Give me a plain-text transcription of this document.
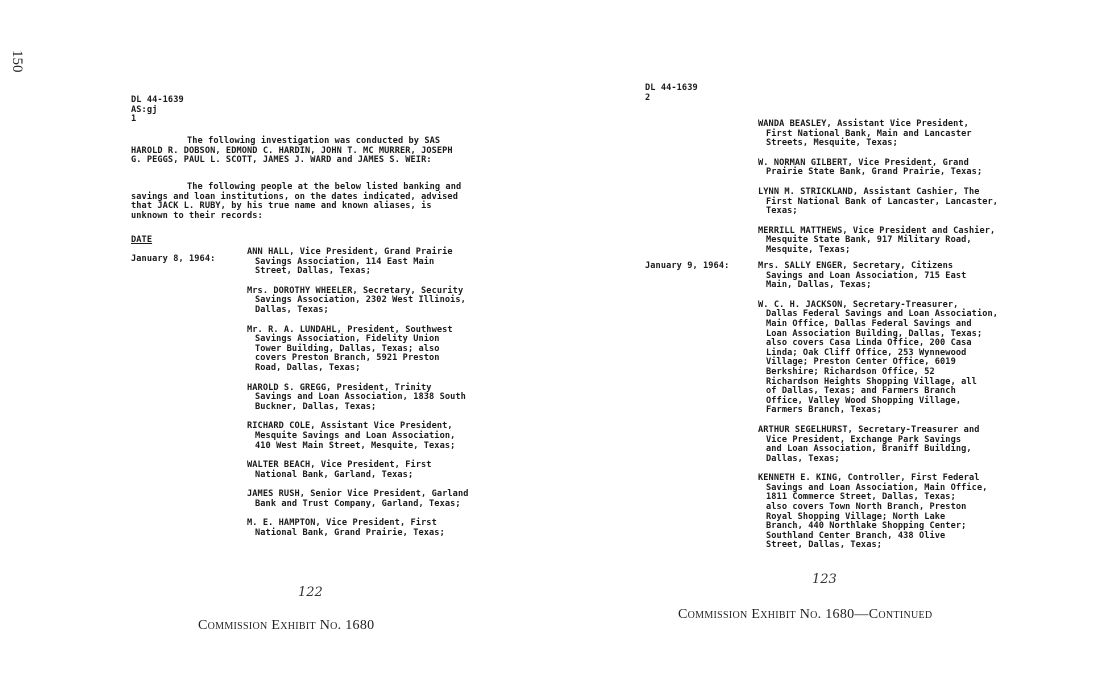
150
DL 44-1639
AS:gj
1

The following investigation was conducted by SAS HAROLD R. DOBSON, EDMOND C. HARDIN, JOHN T. MC MURRER, JOSEPH G. PEGGS, PAUL L. SCOTT, JAMES J. WARD and JAMES S. WEIR:

The following people at the below listed banking and savings and loan institutions, on the dates indicated, advised that JACK L. RUBY, by his true name and known aliases, is unknown to their records:

DATE
January 8, 1964:
ANN HALL, Vice President, Grand Prairie
Savings Association, 114 East Main
Street, Dallas, Texas;
Mrs. DOROTHY WHEELER, Secretary, Security
Savings Association, 2302 West Illinois,
Dallas, Texas;
Mr. R. A. LUNDAHL, President, Southwest
Savings Association, Fidelity Union
Tower Building, Dallas, Texas; also
covers Preston Branch, 5921 Preston
Road, Dallas, Texas;
HAROLD S. GREGG, President, Trinity
Savings and Loan Association, 1838 South
Buckner, Dallas, Texas;
RICHARD COLE, Assistant Vice President,
Mesquite Savings and Loan Association,
410 West Main Street, Mesquite, Texas;
WALTER BEACH, Vice President, First
National Bank, Garland, Texas;
JAMES RUSH, Senior Vice President, Garland
Bank and Trust Company, Garland, Texas;
M. E. HAMPTON, Vice President, First
National Bank, Grand Prairie, Texas;
122
Commission Exhibit No. 1680
DL 44-1639
2
WANDA BEASLEY, Assistant Vice President,
First National Bank, Main and Lancaster
Streets, Mesquite, Texas;
W. NORMAN GILBERT, Vice President, Grand
Prairie State Bank, Grand Prairie, Texas;
LYNN M. STRICKLAND, Assistant Cashier, The
First National Bank of Lancaster, Lancaster,
Texas;
MERRILL MATTHEWS, Vice President and Cashier,
Mesquite State Bank, 917 Military Road,
Mesquite, Texas;
January 9, 1964:	Mrs. SALLY ENGER, Secretary, Citizens
Savings and Loan Association, 715 East
Main, Dallas, Texas;
W. C. H. JACKSON, Secretary-Treasurer,
Dallas Federal Savings and Loan Association,
Main Office, Dallas Federal Savings and
Loan Association Building, Dallas, Texas;
also covers Casa Linda Office, 200 Casa
Linda; Oak Cliff Office, 253 Wynnewood
Village; Preston Center Office, 6019
Berkshire; Richardson Office, 52
Richardson Heights Shopping Village, all
of Dallas, Texas; and Farmers Branch
Office, Valley Wood Shopping Village,
Farmers Branch, Texas;
ARTHUR SEGELHURST, Secretary-Treasurer and
Vice President, Exchange Park Savings
and Loan Association, Braniff Building,
Dallas, Texas;
KENNETH E. KING, Controller, First Federal
Savings and Loan Association, Main Office,
1811 Commerce Street, Dallas, Texas;
also covers Town North Branch, Preston
Royal Shopping Village; North Lake
Branch, 440 Northlake Shopping Center;
Southland Center Branch, 438 Olive
Street, Dallas, Texas;
123
Commission Exhibit No. 1680—Continued
